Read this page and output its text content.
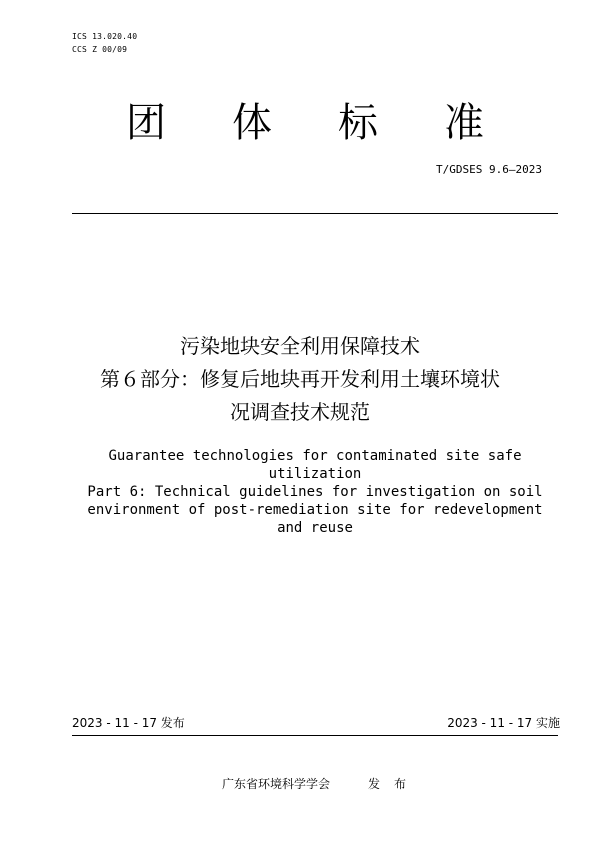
ICS 13.020.40
CCS Z 00/09
团 体 标 准
T/GDSES 9.6—2023
污染地块安全利用保障技术
第６部分：修复后地块再开发利用土壤环境状
况调查技术规范
Guarantee technologies for contaminated site safe
utilization
Part 6: Technical guidelines for investigation on soil
environment of post-remediation site for redevelopment
and reuse
2023 - 11 - 17 发布	2023 - 11 - 17 实施
广东省环境科学学会	发布
